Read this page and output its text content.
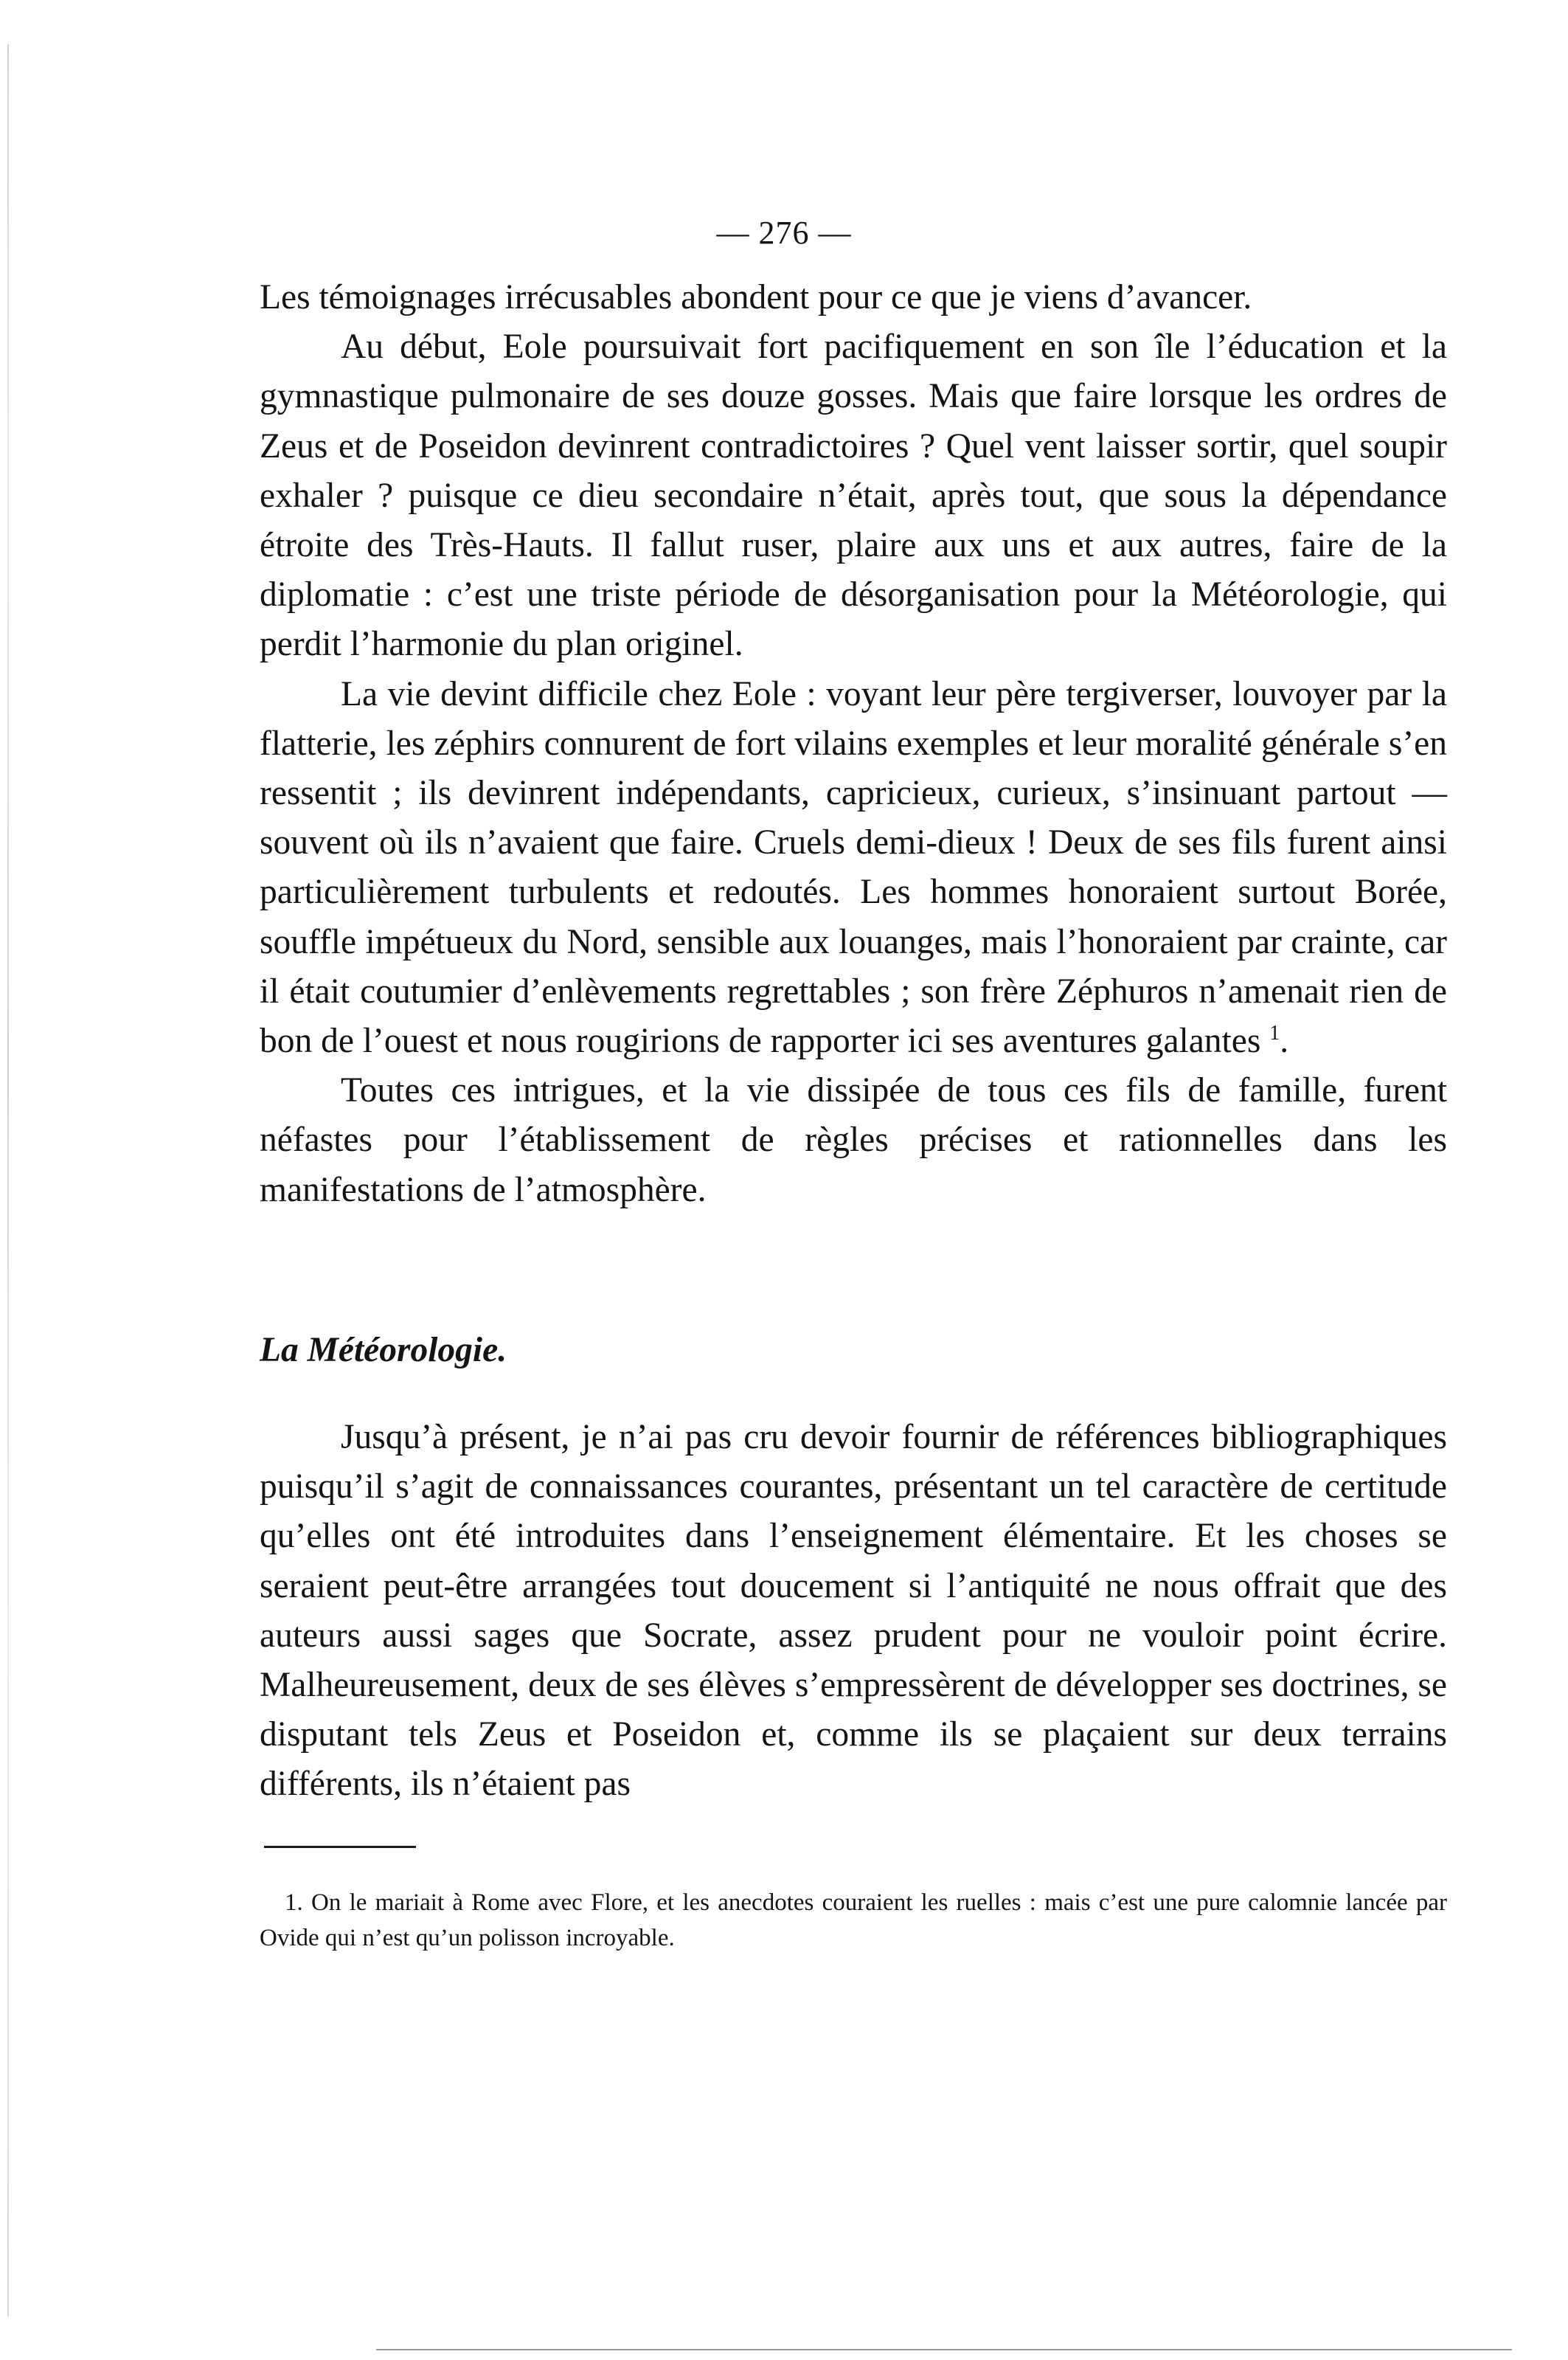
— 276 —

Les témoignages irrécusables abondent pour ce que je viens d’avancer.

Au début, Eole poursuivait fort pacifiquement en son île l’éducation et la gymnastique pulmonaire de ses douze gosses. Mais que faire lorsque les ordres de Zeus et de Poseidon devinrent contradictoires ? Quel vent laisser sortir, quel soupir exhaler ? puisque ce dieu secondaire n’était, après tout, que sous la dépendance étroite des Très-Hauts. Il fallut ruser, plaire aux uns et aux autres, faire de la diplomatie : c’est une triste période de désorganisation pour la Météorologie, qui perdit l’harmonie du plan originel.

La vie devint difficile chez Eole : voyant leur père tergiverser, louvoyer par la flatterie, les zéphirs connurent de fort vilains exemples et leur moralité générale s’en ressentit ; ils devinrent indépendants, capricieux, curieux, s’insinuant partout — souvent où ils n’avaient que faire. Cruels demi-dieux ! Deux de ses fils furent ainsi particulièrement turbulents et redoutés. Les hommes honoraient surtout Borée, souffle impétueux du Nord, sensible aux louanges, mais l’honoraient par crainte, car il était coutumier d’enlèvements regrettables ; son frère Zéphuros n’amenait rien de bon de l’ouest et nous rougirions de rapporter ici ses aventures galantes $^1$.

Toutes ces intrigues, et la vie dissipée de tous ces fils de famille, furent néfastes pour l’établissement de règles précises et rationnelles dans les manifestations de l’atmosphère.

La Météorologie.

Jusqu’à présent, je n’ai pas cru devoir fournir de références bibliographiques puisqu’il s’agit de connaissances courantes, présentant un tel caractère de certitude qu’elles ont été introduites dans l’enseignement élémentaire. Et les choses se seraient peut-être arrangées tout doucement si l’antiquité ne nous offrait que des auteurs aussi sages que Socrate, assez prudent pour ne vouloir point écrire. Malheureusement, deux de ses élèves s’empressèrent de développer ses doctrines, se disputant tels Zeus et Poseidon et, comme ils se plaçaient sur deux terrains différents, ils n’étaient pas

1. On le mariait à Rome avec Flore, et les anecdotes couraient les ruelles : mais c’est une pure calomnie lancée par Ovide qui n’est qu’un polisson incroyable.
